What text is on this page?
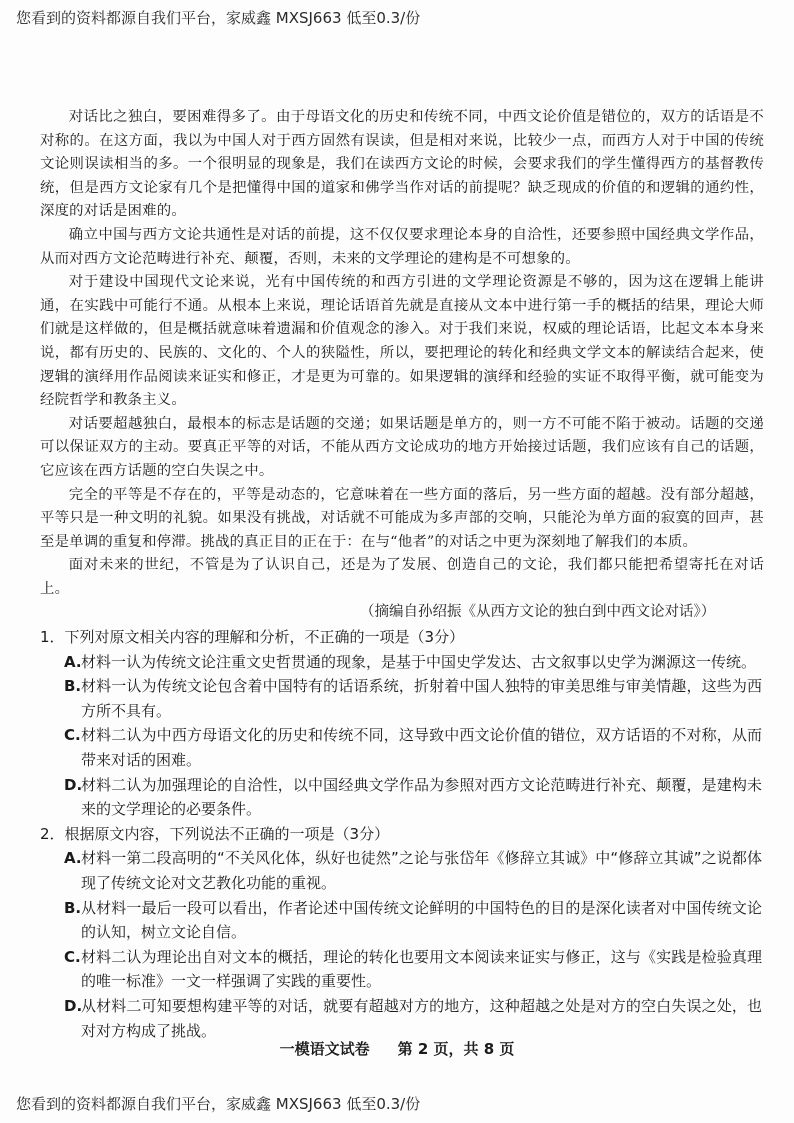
您看到的资料都源自我们平台，家威鑫 MXSJ663 低至0.3/份

对话比之独白，要困难得多了。由于母语文化的历史和传统不同，中西文论价值是错位的，双方的话语是不对称的。在这方面，我以为中国人对于西方固然有误读，但是相对来说，比较少一点，而西方人对于中国的传统文论则误读相当的多。一个很明显的现象是，我们在读西方文论的时候，会要求我们的学生懂得西方的基督教传统，但是西方文论家有几个是把懂得中国的道家和佛学当作对话的前提呢？缺乏现成的价值的和逻辑的通约性，深度的对话是困难的。

确立中国与西方文论共通性是对话的前提，这不仅仅要求理论本身的自洽性，还要参照中国经典文学作品，从而对西方文论范畴进行补充、颠覆，否则，未来的文学理论的建构是不可想象的。

对于建设中国现代文论来说，光有中国传统的和西方引进的文学理论资源是不够的，因为这在逻辑上能讲通，在实践中可能行不通。从根本上来说，理论话语首先就是直接从文本中进行第一手的概括的结果，理论大师们就是这样做的，但是概括就意味着遗漏和价值观念的渗入。对于我们来说，权威的理论话语，比起文本本身来说，都有历史的、民族的、文化的、个人的狭隘性，所以，要把理论的转化和经典文学文本的解读结合起来，使逻辑的演绎用作品阅读来证实和修正，才是更为可靠的。如果逻辑的演绎和经验的实证不取得平衡，就可能变为经院哲学和教条主义。

对话要超越独白，最根本的标志是话题的交递；如果话题是单方的，则一方不可能不陷于被动。话题的交递可以保证双方的主动。要真正平等的对话，不能从西方文论成功的地方开始接过话题，我们应该有自己的话题，它应该在西方话题的空白失误之中。

完全的平等是不存在的，平等是动态的，它意味着在一些方面的落后，另一些方面的超越。没有部分超越，平等只是一种文明的礼貌。如果没有挑战，对话就不可能成为多声部的交响，只能沦为单方面的寂寞的回声，甚至是单调的重复和停滞。挑战的真正目的正在于：在与“他者”的对话之中更为深刻地了解我们的本质。

面对未来的世纪，不管是为了认识自己，还是为了发展、创造自己的文论，我们都只能把希望寄托在对话上。

（摘编自孙绍振《从西方文论的独白到中西文论对话》）

1．下列对原文相关内容的理解和分析，不正确的一项是（3分）

A. 材料一认为传统文论注重文史哲贯通的现象，是基于中国史学发达、古文叙事以史学为渊源这一传统。
B. 材料一认为传统文论包含着中国特有的话语系统，折射着中国人独特的审美思维与审美情趣，这些为西方所不具有。
C. 材料二认为中西方母语文化的历史和传统不同，这导致中西文论价值的错位，双方话语的不对称，从而带来对话的困难。
D.
材料二认为加强理论的自洽性，以中国经典文学作品为参照对西方文论范畴进行补充、颠覆，是建构未来的文学理论的必要条件。

2．根据原文内容，下列说法不正确的一项是（3分）

A. 材料一第二段高明的“不关风化体，纵好也徒然”之论与张岱年《修辞立其诚》中“修辞立其诚”之说都体现了传统文论对文艺教化功能的重视。
B. 从材料一最后一段可以看出，作者论述中国传统文论鲜明的中国特色的目的是深化读者对中国传统文论的认知，树立文论自信。
C. 材料二认为理论出自对文本的概括，理论的转化也要用文本阅读来证实与修正，这与《实践是检验真理的唯一标准》一文一样强调了实践的重要性。
D.
从材料二可知要想构建平等的对话，就要有超越对方的地方，这种超越之处是对方的空白失误之处，也对对方构成了挑战。
一模语文试卷 第 2 页，共 8 页
您看到的资料都源自我们平台，家威鑫 MXSJ663 低至0.3/份
